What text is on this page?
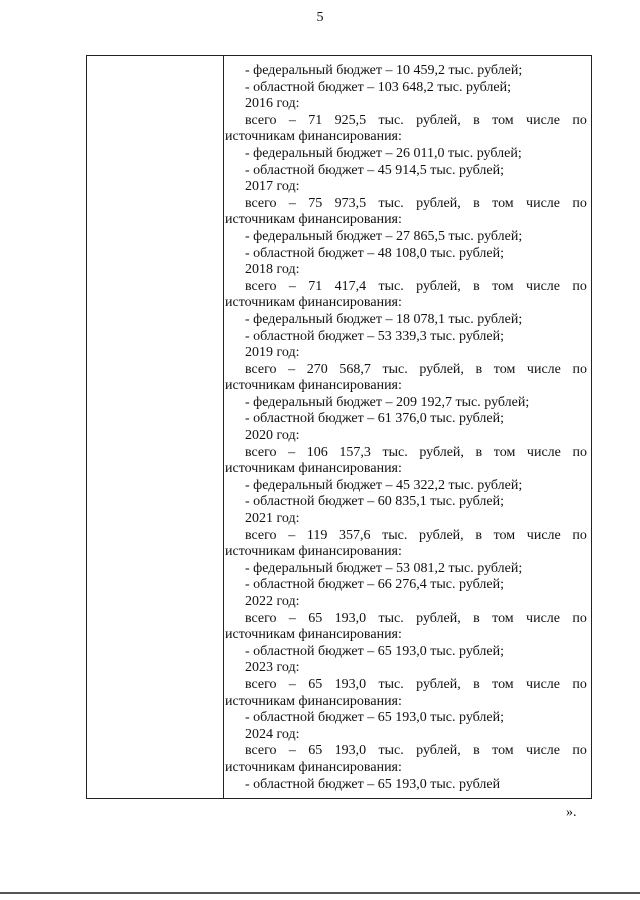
5
- федеральный бюджет – 10 459,2 тыс. рублей;
- областной бюджет – 103 648,2 тыс. рублей;
2016 год:
всего – 71 925,5 тыс. рублей, в том числе по
источникам финансирования:
- федеральный бюджет – 26 011,0 тыс. рублей;
- областной бюджет – 45 914,5 тыс. рублей;
2017 год:
всего – 75 973,5 тыс. рублей, в том числе по
источникам финансирования:
- федеральный бюджет – 27 865,5 тыс. рублей;
- областной бюджет – 48 108,0 тыс. рублей;
2018 год:
всего – 71 417,4 тыс. рублей, в том числе по
источникам финансирования:
- федеральный бюджет – 18 078,1 тыс. рублей;
- областной бюджет – 53 339,3 тыс. рублей;
2019 год:
всего – 270 568,7 тыс. рублей, в том числе по
источникам финансирования:
- федеральный бюджет – 209 192,7 тыс. рублей;
- областной бюджет – 61 376,0 тыс. рублей;
2020 год:
всего – 106 157,3 тыс. рублей, в том числе по
источникам финансирования:
- федеральный бюджет – 45 322,2 тыс. рублей;
- областной бюджет – 60 835,1 тыс. рублей;
2021 год:
всего – 119 357,6 тыс. рублей, в том числе по
источникам финансирования:
- федеральный бюджет – 53 081,2 тыс. рублей;
- областной бюджет – 66 276,4 тыс. рублей;
2022 год:
всего – 65 193,0 тыс. рублей, в том числе по
источникам финансирования:
- областной бюджет – 65 193,0 тыс. рублей;
2023 год:
всего – 65 193,0 тыс. рублей, в том числе по
источникам финансирования:
- областной бюджет – 65 193,0 тыс. рублей;
2024 год:
всего – 65 193,0 тыс. рублей, в том числе по
источникам финансирования:
- областной бюджет – 65 193,0 тыс. рублей
».
